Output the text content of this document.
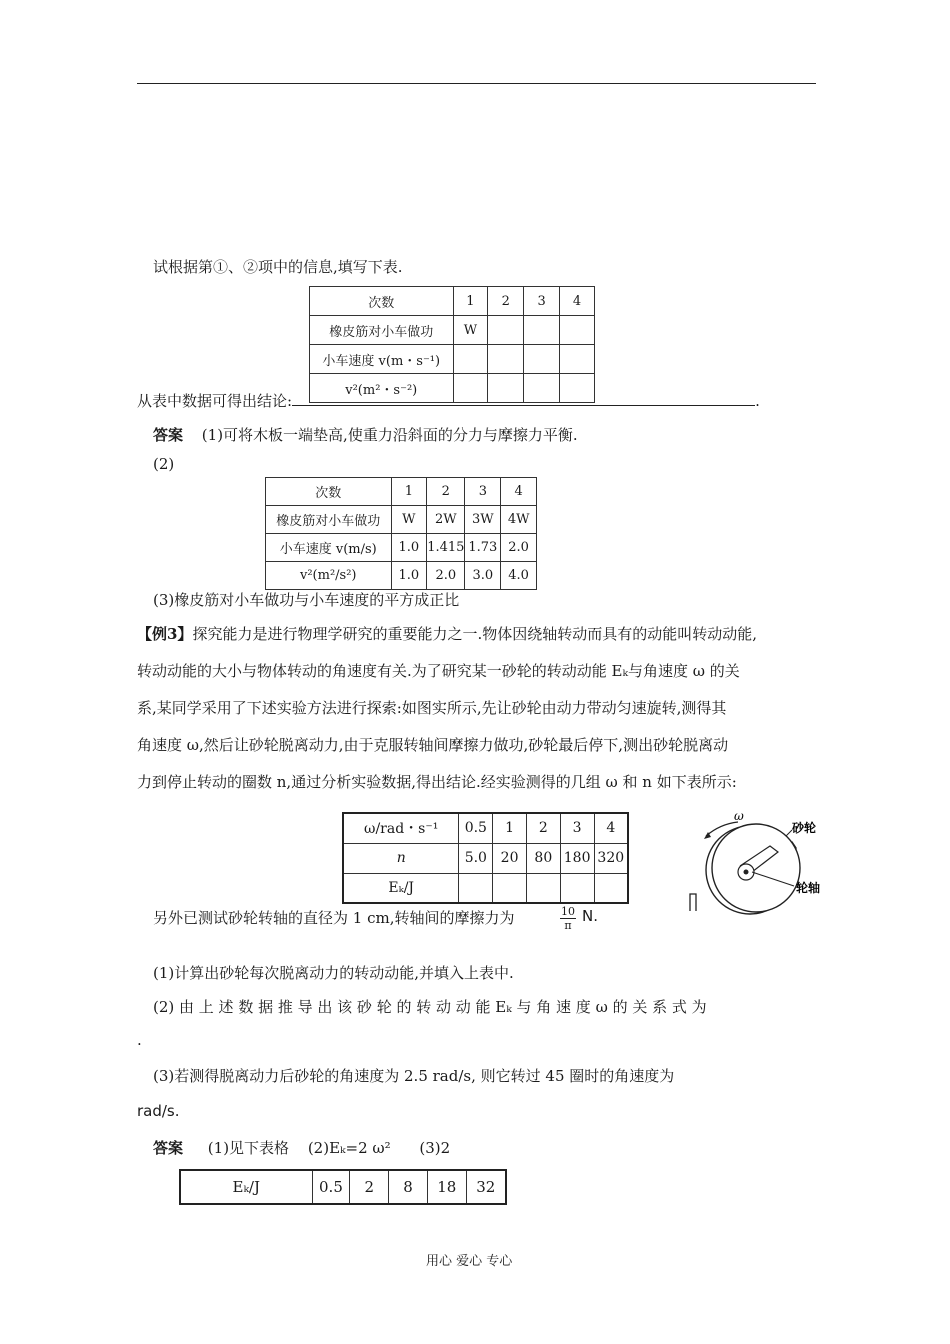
试根据第①、②项中的信息,填写下表.
次数	1	2	3	4
橡皮筋对小车做功	W			
小车速度 v(m・s⁻¹)				
v²(m²・s⁻²)				
从表中数据可得出结论:	.
答案 (1)可将木板一端垫高,使重力沿斜面的分力与摩擦力平衡.
(2)
次数	1	2	3	4
橡皮筋对小车做功	W	2W	3W	4W
小车速度 v(m/s)	1.0	1.415	1.73	2.0
v²(m²/s²)	1.0	2.0	3.0	4.0
(3)橡皮筋对小车做功与小车速度的平方成正比
【例3】探究能力是进行物理学研究的重要能力之一.物体因绕轴转动而具有的动能叫转动动能,
转动动能的大小与物体转动的角速度有关.为了研究某一砂轮的转动动能 Eₖ与角速度 ω 的关
系,某同学采用了下述实验方法进行探索:如图实所示,先让砂轮由动力带动匀速旋转,测得其
角速度 ω,然后让砂轮脱离动力,由于克服转轴间摩擦力做功,砂轮最后停下,测出砂轮脱离动
力到停止转动的圈数 n,通过分析实验数据,得出结论.经实验测得的几组 ω 和 n 如下表所示:
ω/rad・s⁻¹	0.5	1	2	3	4
n	5.0	20	80	180	320
Eₖ/J					
ω
砂轮
轮轴
另外已测试砂轮转轴的直径为 1 cm,转轴间的摩擦力为	$\frac{10}{\pi} N$.
(1)计算出砂轮每次脱离动力的转动动能,并填入上表中.
(2) 由 上 述 数 据 推 导 出 该 砂 轮 的 转 动 动 能 Eₖ 与 角 速 度 ω 的 关 系 式 为
.
(3)若测得脱离动力后砂轮的角速度为 2.5 rad/s, 则它转过 45 圈时的角速度为
rad/s.
答案 (1)见下表格 (2)Eₖ=2 ω² (3)2
Eₖ/J	0.5	2	8	18	32
用心 爱心 专心
